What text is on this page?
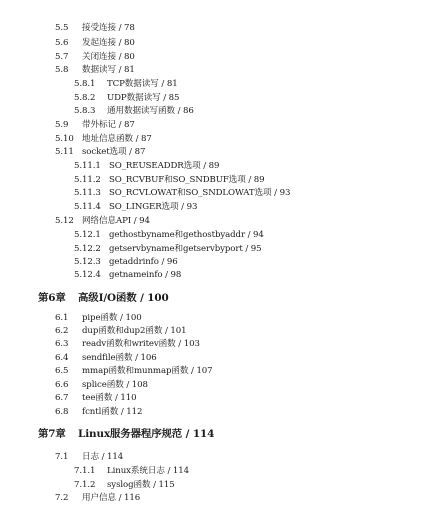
5.5 接受连接 / 78
5.6 发起连接 / 80
5.7 关闭连接 / 80
5.8 数据读写 / 81
5.8.1 TCP数据读写 / 81
5.8.2 UDP数据读写 / 85
5.8.3 通用数据读写函数 / 86
5.9 带外标记 / 87
5.10 地址信息函数 / 87
5.11 socket选项 / 87
5.11.1 SO_REUSEADDR选项 / 89
5.11.2 SO_RCVBUF和SO_SNDBUF选项 / 89
5.11.3 SO_RCVLOWAT和SO_SNDLOWAT选项 / 93
5.11.4 SO_LINGER选项 / 93
5.12 网络信息API / 94
5.12.1 gethostbyname和gethostbyaddr / 94
5.12.2 getservbyname和getservbyport / 95
5.12.3 getaddrinfo / 96
5.12.4 getnameinfo / 98
第6章 高级I/O函数 / 100
6.1 pipe函数 / 100
6.2 dup函数和dup2函数 / 101
6.3 readv函数和writev函数 / 103
6.4 sendfile函数 / 106
6.5 mmap函数和munmap函数 / 107
6.6 splice函数 / 108
6.7 tee函数 / 110
6.8 fcntl函数 / 112
第7章 Linux服务器程序规范 / 114
7.1 日志 / 114
7.1.1 Linux系统日志 / 114
7.1.2 syslog函数 / 115
7.2 用户信息 / 116
